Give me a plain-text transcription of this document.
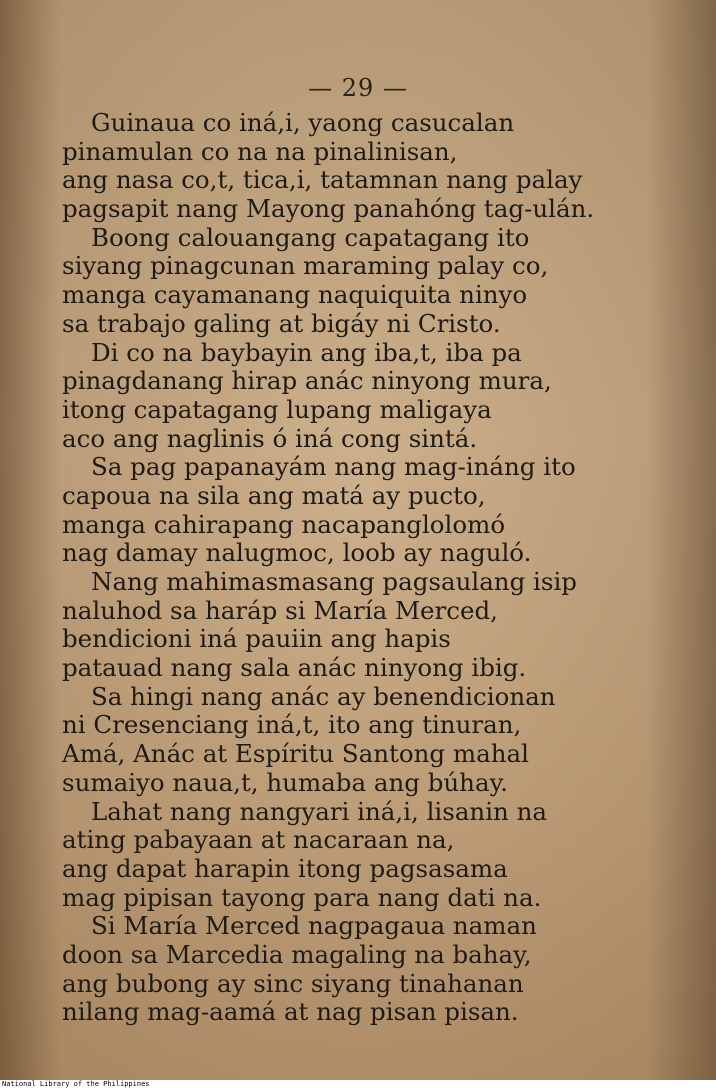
— 29 —
Guinaua co iná,i, yaong casucalan
pinamulan co na na pinalinisan,
ang nasa co,t, tica,i, tatamnan nang palay
pagsapit nang Mayong panahóng tag-ulán.
Boong calouangang capatagang ito
siyang pinagcunan maraming palay co,
manga cayamanang naquiquita ninyo
sa trabajo galing at bigáy ni Cristo.
Di co na baybayin ang iba,t, iba pa
pinagdanang hirap anác ninyong mura,
itong capatagang lupang maligaya
aco ang naglinis ó iná cong sintá.
Sa pag papanayám nang mag-ináng ito
capoua na sila ang matá ay pucto,
manga cahirapang nacapanglolomó
nag damay nalugmoc, loob ay naguló.
Nang mahimasmasang pagsaulang isip
naluhod sa haráp si María Merced,
bendicioni iná pauiin ang hapis
patauad nang sala anác ninyong ibig.
Sa hingi nang anác ay benendicionan
ni Cresenciang iná,t, ito ang tinuran,
Amá, Anác at Espíritu Santong mahal
sumaiyo naua,t, humaba ang búhay.
Lahat nang nangyari iná,i, lisanin na
ating pabayaan at nacaraan na,
ang dapat harapin itong pagsasama
mag pipisan tayong para nang dati na.
Si María Merced nagpagaua naman
doon sa Marcedia magaling na bahay,
ang bubong ay sinc siyang tinahanan
nilang mag-aamá at nag pisan pisan.
National Library of the Philippines
